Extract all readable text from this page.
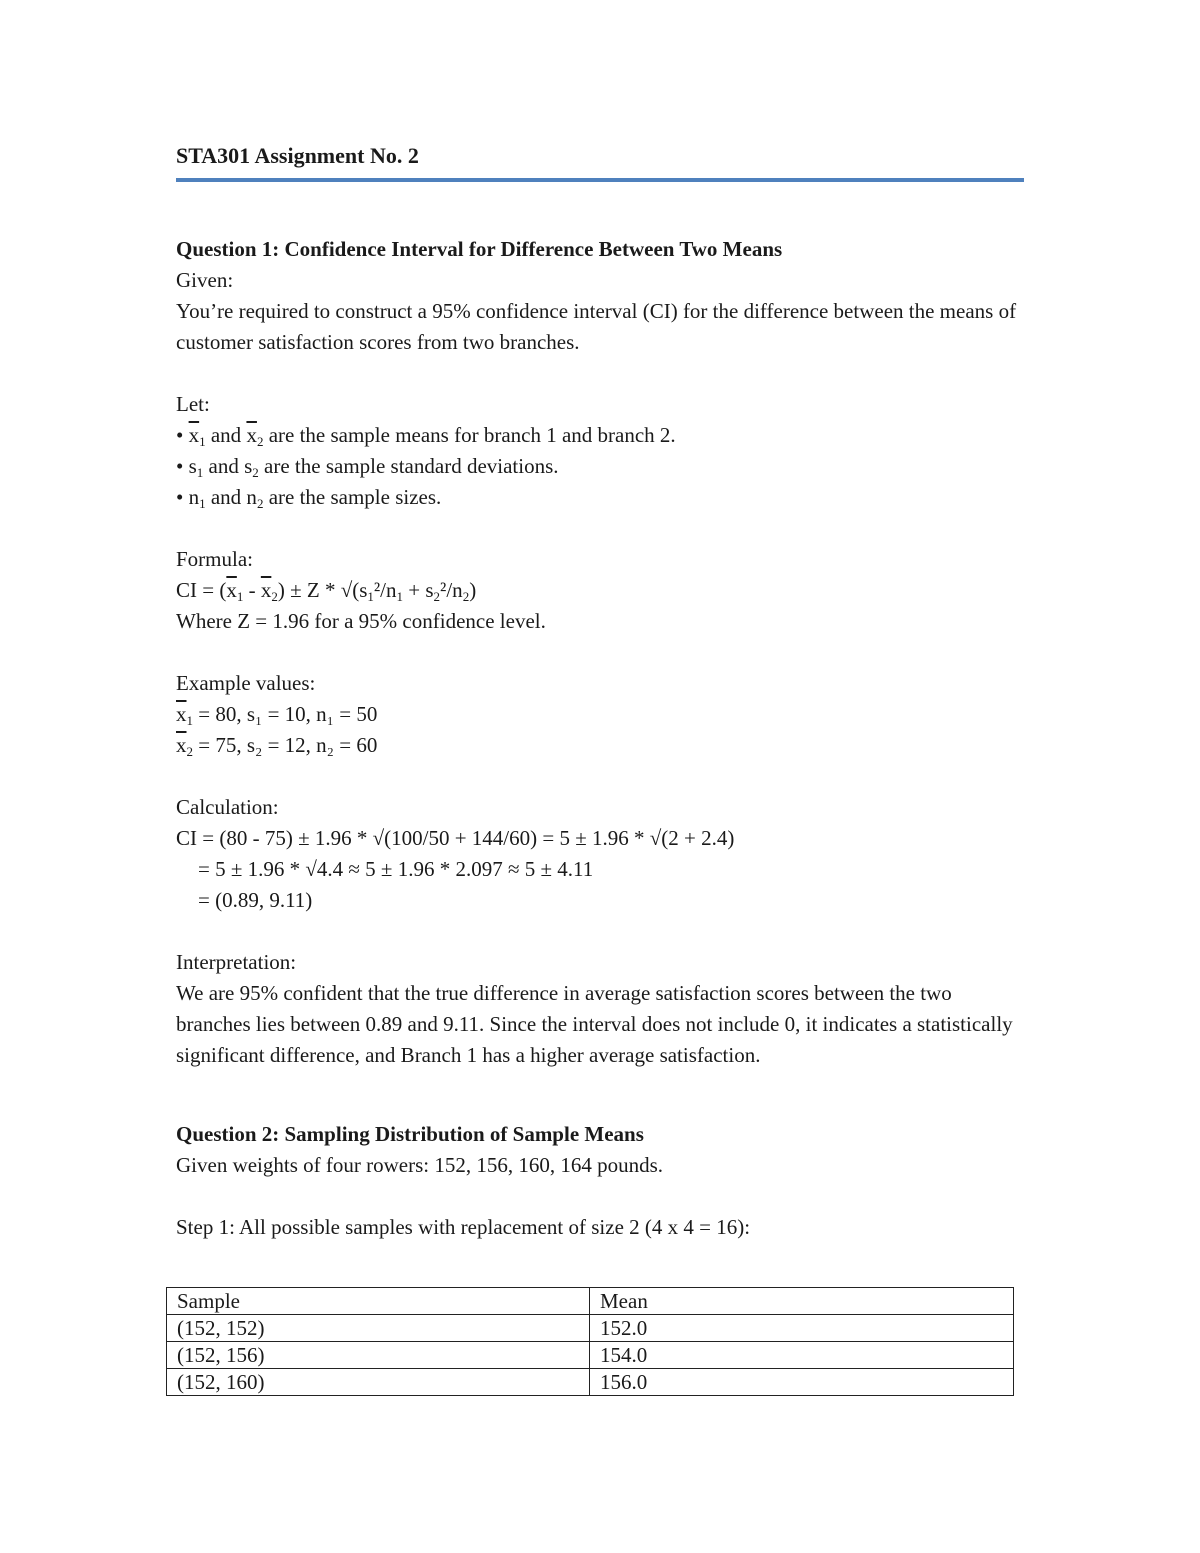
STA301 Assignment No. 2

Question 1: Confidence Interval for Difference Between Two Means

Given:

You’re required to construct a 95% confidence interval (CI) for the difference between the means of customer satisfaction scores from two branches.

Let:

• $\overline{x}_1$ and $\overline{x}_2$ are the sample means for branch 1 and branch 2.

• $s_1$ and $s_2$ are the sample standard deviations.

• $n_1$ and $n_2$ are the sample sizes.

Formula:

CI = $(\overline{x}_1 - \overline{x}_2) \pm Z * √(s_1^2/n_1 + s_2^2/n_2)$

Where Z = 1.96 for a 95% confidence level.

Example values:

$\overline{x}_1 = 80$, s₁ = 10, n₁ = 50

$\overline{x}_2 = 75$, s₂ = 12, n₂ = 60

Calculation:

CI = (80 - 75) ± 1.96 * √(100/50 + 144/60) = 5 ± 1.96 * √(2 + 2.4)

= 5 ± 1.96 * √4.4 ≈ 5 ± 1.96 * 2.097 ≈ 5 ± 4.11

= (0.89, 9.11)

Interpretation:

We are 95% confident that the true difference in average satisfaction scores between the two branches lies between 0.89 and 9.11. Since the interval does not include 0, it indicates a statistically significant difference, and Branch 1 has a higher average satisfaction.

Question 2: Sampling Distribution of Sample Means

Given weights of four rowers: 152, 156, 160, 164 pounds.

Step 1: All possible samples with replacement of size 2 (4 x 4 = 16):

Sample	Mean
(152, 152)	152.0
(152, 156)	154.0
(152, 160)	156.0
